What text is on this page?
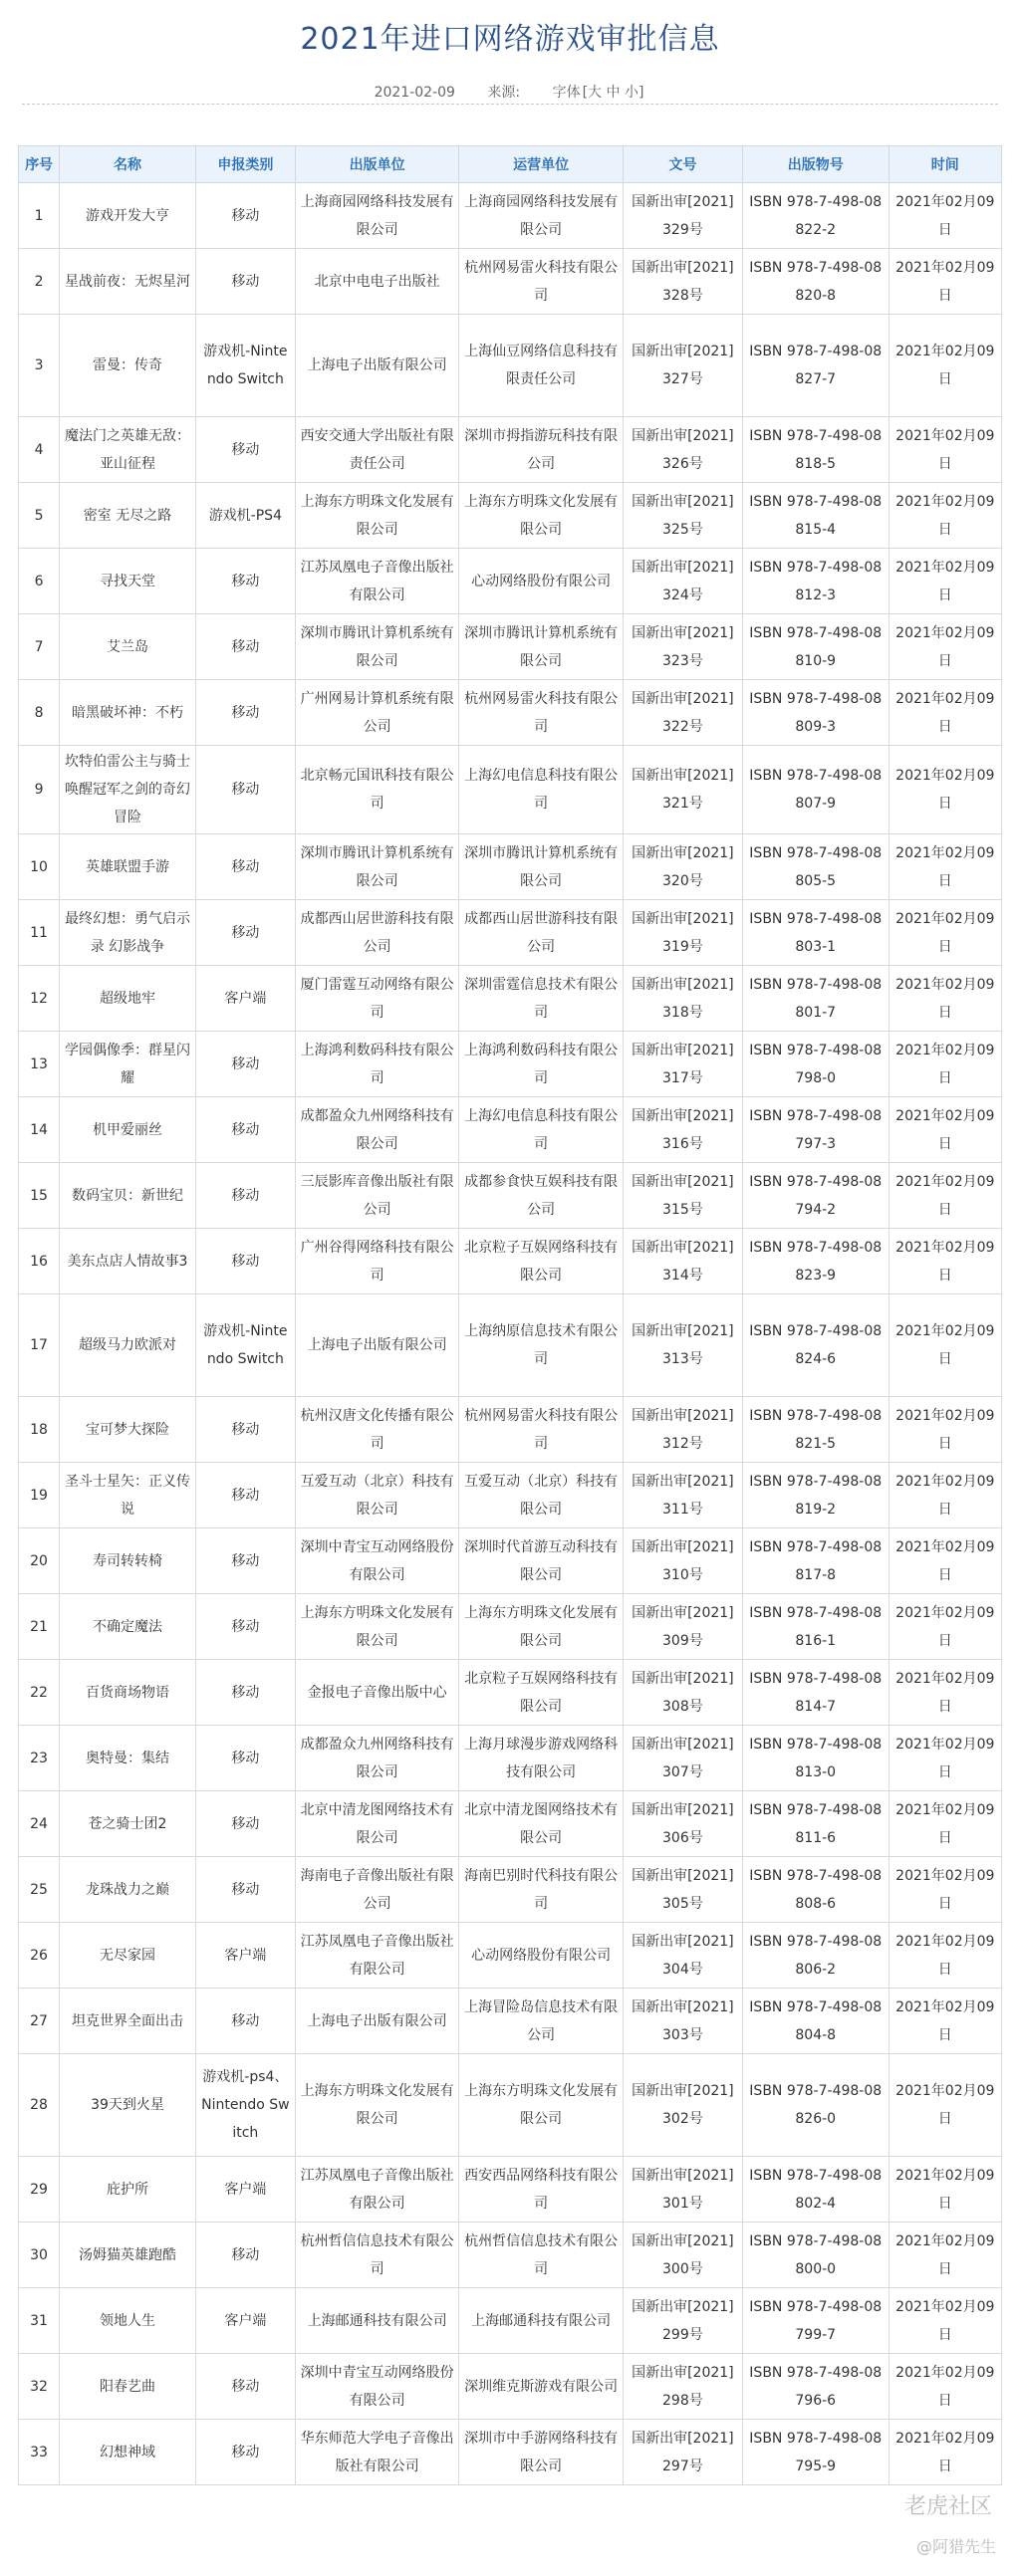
2021年进口网络游戏审批信息
2021-02-09 来源: 字体 [大 中 小]
序号	名称	申报类别	出版单位	运营单位	文号	出版物号	时间
1	游戏开发大亨	移动	上海商园网络科技发展有限公司	上海商园网络科技发展有限公司	国新出审[2021]329号	ISBN 978-7-498-08822-2	2021年02月09日
2	星战前夜：无烬星河	移动	北京中电电子出版社	杭州网易雷火科技有限公司	国新出审[2021]328号	ISBN 978-7-498-08820-8	2021年02月09日
3	雷曼：传奇	游戏机-Nintendo Switch	上海电子出版有限公司	上海仙豆网络信息科技有限责任公司	国新出审[2021]327号	ISBN 978-7-498-08827-7	2021年02月09日
4	魔法门之英雄无敌：亚山征程	移动	西安交通大学出版社有限责任公司	深圳市拇指游玩科技有限公司	国新出审[2021]326号	ISBN 978-7-498-08818-5	2021年02月09日
5	密室 无尽之路	游戏机-PS4	上海东方明珠文化发展有限公司	上海东方明珠文化发展有限公司	国新出审[2021]325号	ISBN 978-7-498-08815-4	2021年02月09日
6	寻找天堂	移动	江苏凤凰电子音像出版社有限公司	心动网络股份有限公司	国新出审[2021]324号	ISBN 978-7-498-08812-3	2021年02月09日
7	艾兰岛	移动	深圳市腾讯计算机系统有限公司	深圳市腾讯计算机系统有限公司	国新出审[2021]323号	ISBN 978-7-498-08810-9	2021年02月09日
8	暗黑破坏神：不朽	移动	广州网易计算机系统有限公司	杭州网易雷火科技有限公司	国新出审[2021]322号	ISBN 978-7-498-08809-3	2021年02月09日
9	坎特伯雷公主与骑士唤醒冠军之剑的奇幻冒险	移动	北京畅元国讯科技有限公司	上海幻电信息科技有限公司	国新出审[2021]321号	ISBN 978-7-498-08807-9	2021年02月09日
10	英雄联盟手游	移动	深圳市腾讯计算机系统有限公司	深圳市腾讯计算机系统有限公司	国新出审[2021]320号	ISBN 978-7-498-08805-5	2021年02月09日
11	最终幻想：勇气启示录 幻影战争	移动	成都西山居世游科技有限公司	成都西山居世游科技有限公司	国新出审[2021]319号	ISBN 978-7-498-08803-1	2021年02月09日
12	超级地牢	客户端	厦门雷霆互动网络有限公司	深圳雷霆信息技术有限公司	国新出审[2021]318号	ISBN 978-7-498-08801-7	2021年02月09日
13	学园偶像季：群星闪耀	移动	上海鸿利数码科技有限公司	上海鸿利数码科技有限公司	国新出审[2021]317号	ISBN 978-7-498-08798-0	2021年02月09日
14	机甲爱丽丝	移动	成都盈众九州网络科技有限公司	上海幻电信息科技有限公司	国新出审[2021]316号	ISBN 978-7-498-08797-3	2021年02月09日
15	数码宝贝：新世纪	移动	三辰影库音像出版社有限公司	成都参食快互娱科技有限公司	国新出审[2021]315号	ISBN 978-7-498-08794-2	2021年02月09日
16	美东点店人情故事3	移动	广州谷得网络科技有限公司	北京粒子互娱网络科技有限公司	国新出审[2021]314号	ISBN 978-7-498-08823-9	2021年02月09日
17	超级马力欧派对	游戏机-Nintendo Switch	上海电子出版有限公司	上海纳原信息技术有限公司	国新出审[2021]313号	ISBN 978-7-498-08824-6	2021年02月09日
18	宝可梦大探险	移动	杭州汉唐文化传播有限公司	杭州网易雷火科技有限公司	国新出审[2021]312号	ISBN 978-7-498-08821-5	2021年02月09日
19	圣斗士星矢：正义传说	移动	互爱互动（北京）科技有限公司	互爱互动（北京）科技有限公司	国新出审[2021]311号	ISBN 978-7-498-08819-2	2021年02月09日
20	寿司转转椅	移动	深圳中青宝互动网络股份有限公司	深圳时代首游互动科技有限公司	国新出审[2021]310号	ISBN 978-7-498-08817-8	2021年02月09日
21	不确定魔法	移动	上海东方明珠文化发展有限公司	上海东方明珠文化发展有限公司	国新出审[2021]309号	ISBN 978-7-498-08816-1	2021年02月09日
22	百货商场物语	移动	金报电子音像出版中心	北京粒子互娱网络科技有限公司	国新出审[2021]308号	ISBN 978-7-498-08814-7	2021年02月09日
23	奥特曼：集结	移动	成都盈众九州网络科技有限公司	上海月球漫步游戏网络科技有限公司	国新出审[2021]307号	ISBN 978-7-498-08813-0	2021年02月09日
24	苍之骑士团2	移动	北京中清龙图网络技术有限公司	北京中清龙图网络技术有限公司	国新出审[2021]306号	ISBN 978-7-498-08811-6	2021年02月09日
25	龙珠战力之巅	移动	海南电子音像出版社有限公司	海南巴别时代科技有限公司	国新出审[2021]305号	ISBN 978-7-498-08808-6	2021年02月09日
26	无尽家园	客户端	江苏凤凰电子音像出版社有限公司	心动网络股份有限公司	国新出审[2021]304号	ISBN 978-7-498-08806-2	2021年02月09日
27	坦克世界全面出击	移动	上海电子出版有限公司	上海冒险岛信息技术有限公司	国新出审[2021]303号	ISBN 978-7-498-08804-8	2021年02月09日
28	39天到火星	游戏机-ps4、Nintendo Switch	上海东方明珠文化发展有限公司	上海东方明珠文化发展有限公司	国新出审[2021]302号	ISBN 978-7-498-08826-0	2021年02月09日
29	庇护所	客户端	江苏凤凰电子音像出版社有限公司	西安西品网络科技有限公司	国新出审[2021]301号	ISBN 978-7-498-08802-4	2021年02月09日
30	汤姆猫英雄跑酷	移动	杭州哲信信息技术有限公司	杭州哲信信息技术有限公司	国新出审[2021]300号	ISBN 978-7-498-08800-0	2021年02月09日
31	领地人生	客户端	上海邮通科技有限公司	上海邮通科技有限公司	国新出审[2021]299号	ISBN 978-7-498-08799-7	2021年02月09日
32	阳春艺曲	移动	深圳中青宝互动网络股份有限公司	深圳维克斯游戏有限公司	国新出审[2021]298号	ISBN 978-7-498-08796-6	2021年02月09日
33	幻想神域	移动	华东师范大学电子音像出版社有限公司	深圳市中手游网络科技有限公司	国新出审[2021]297号	ISBN 978-7-498-08795-9	2021年02月09日
老虎社区
@阿猎先生
